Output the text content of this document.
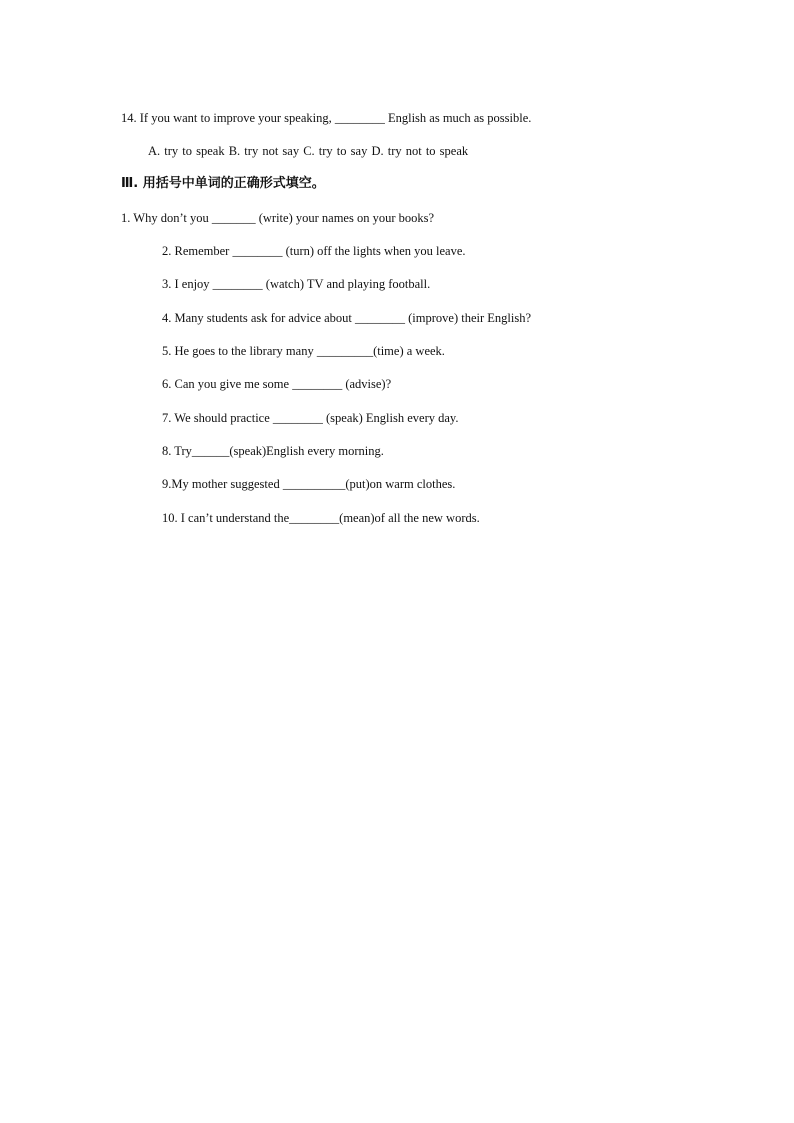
14. If you want to improve your speaking, ________ English as much as possible.
A. try to speak B. try not say C. try to say D. try not to speak
Ⅲ. 用括号中单词的正确形式填空。
1. Why don’t you _______ (write) your names on your books?
2. Remember ________ (turn) off the lights when you leave.
3. I enjoy ________ (watch) TV and playing football.
4. Many students ask for advice about ________ (improve) their English?
5. He goes to the library many _________(time) a week.
6. Can you give me some ________ (advise)?
7. We should practice ________ (speak) English every day.
8. Try______(speak)English every morning.
9.My mother suggested __________(put)on warm clothes.
10. I can’t understand the________(mean)of all the new words.
